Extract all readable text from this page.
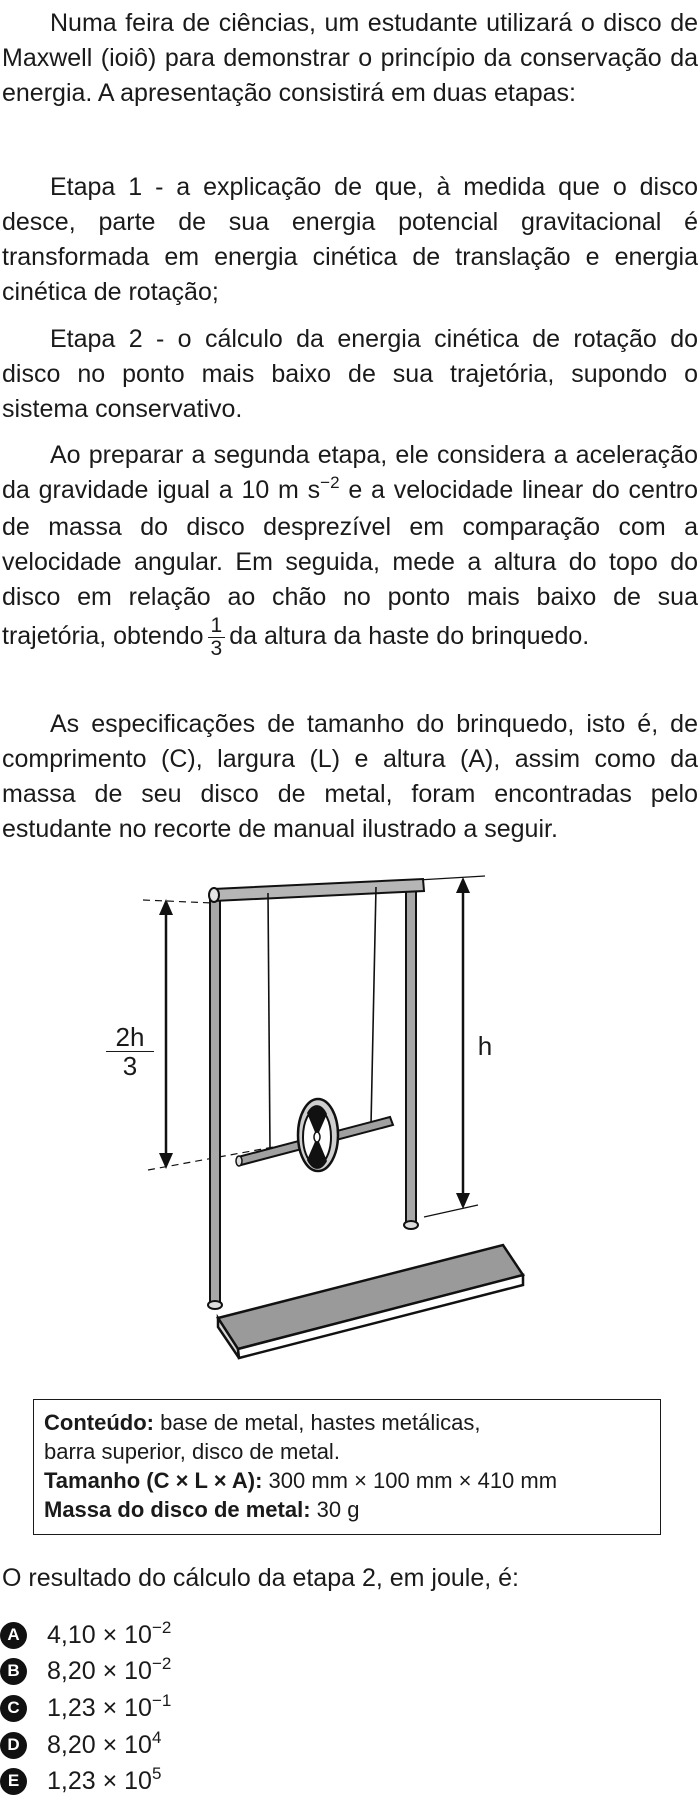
Numa feira de ciências, um estudante utilizará o disco de Maxwell (ioiô) para demonstrar o princípio da conservação da energia. A apresentação consistirá em duas etapas:

Etapa 1 - a explicação de que, à medida que o disco desce, parte de sua energia potencial gravitacional é transformada em energia cinética de translação e energia cinética de rotação;

Etapa 2 - o cálculo da energia cinética de rotação do disco no ponto mais baixo de sua trajetória, supondo o sistema conservativo.

Ao preparar a segunda etapa, ele considera a aceleração da gravidade igual a 10 m $s^{-2}$ e a velocidade linear do centro de massa do disco desprezível em comparação com a velocidade angular. Em seguida, mede a altura do topo do disco em relação ao chão no ponto mais baixo de sua trajetória, obtendo $\frac{1}{3}$ da altura da haste do brinquedo.

As especificações de tamanho do brinquedo, isto é, de comprimento (C), largura (L) e altura (A), assim como da massa de seu disco de metal, foram encontradas pelo estudante no recorte de manual ilustrado a seguir.

$\frac{2h}{3}$	h
Conteúdo: base de metal, hastes metálicas,
barra superior, disco de metal.
Tamanho (C × L × A): 300 mm × 100 mm × 410 mm
Massa do disco de metal: 30 g
O resultado do cálculo da etapa 2, em joule, é:
A $4,10 \times 10^{-2}$
B $8,20 \times 10^{-2}$
C $1,23 \times 10^{-1}$
D $8,20 \times 10^4$
E	$1,23 \times 10^5$
